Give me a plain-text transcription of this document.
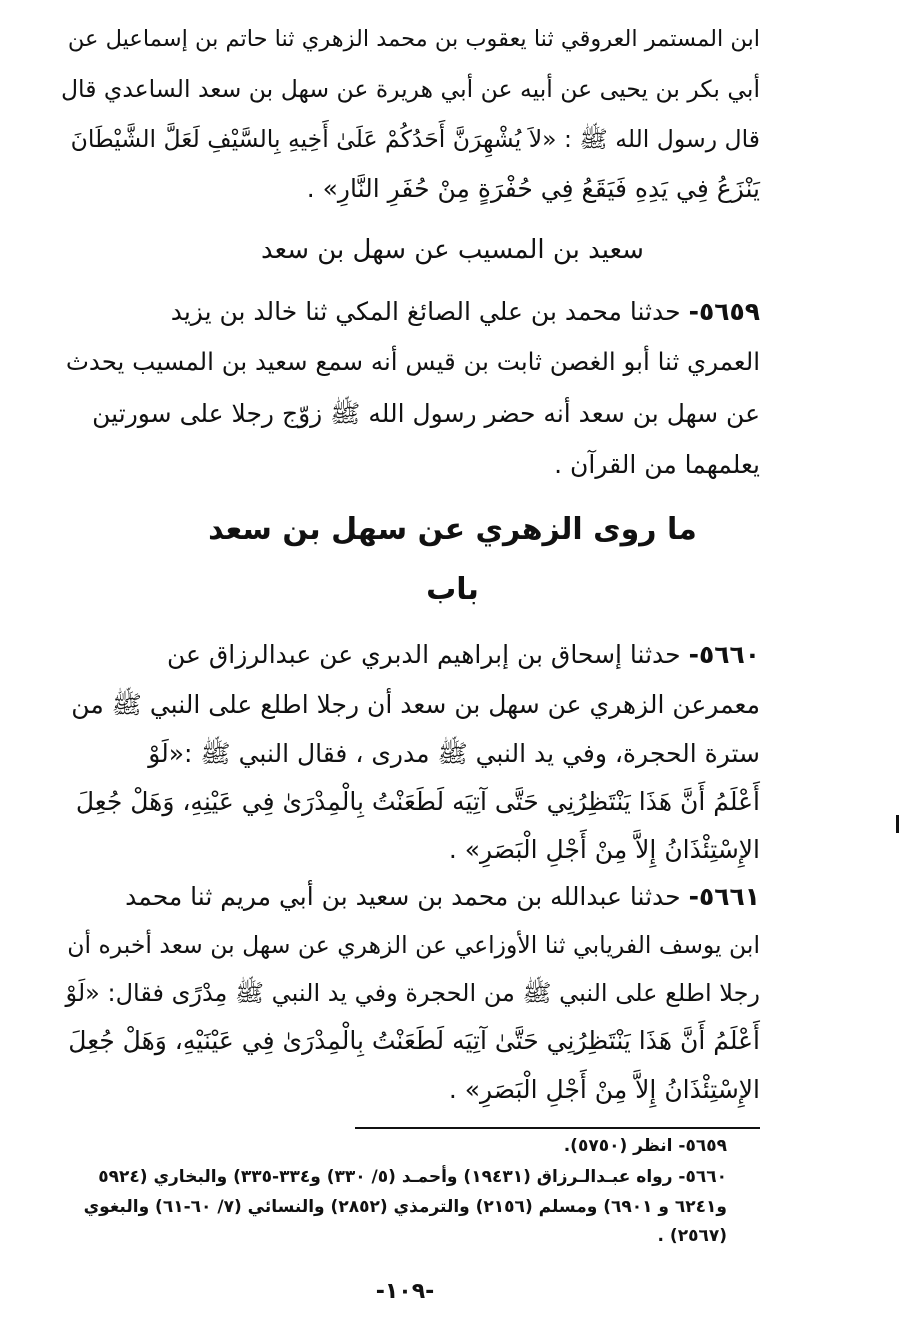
ابن المستمر العروقي ثنا يعقوب بن محمد الزهري ثنا حاتم بن إسماعيل عن
أبي بكر بن يحيى عن أبيه عن أبي هريرة عن سهل بن سعد الساعدي قال
قال رسول الله ﷺ : «لاَ يُشْهِرَنَّ أَحَدُكُمْ عَلَىٰ أَخِيهِ بِالسَّيْفِ لَعَلَّ الشَّيْطَانَ
يَنْزَعُ فِي يَدِهِ فَيَقَعُ فِي حُفْرَةٍ مِنْ حُفَرِ النَّارِ» .
سعيد بن المسيب عن سهل بن سعد
٥٦٥٩- حدثنا محمد بن علي الصائغ المكي ثنا خالد بن يزيد
العمري ثنا أبو الغصن ثابت بن قيس أنه سمع سعيد بن المسيب يحدث
عن سهل بن سعد أنه حضر رسول الله ﷺ زوّج رجلا على سورتين
يعلمهما من القرآن .
ما روى الزهري عن سهل بن سعد
باب
٥٦٦٠- حدثنا إسحاق بن إبراهيم الدبري عن عبدالرزاق عن
معمرعن الزهري عن سهل بن سعد أن رجلا اطلع على النبي ﷺ من
سترة الحجرة، وفي يد النبي ﷺ مدرى ، فقال النبي ﷺ :«لَوْ
أَعْلَمُ أَنَّ هَذَا يَنْتَظِرُنِي حَتَّى آتِيَه لَطَعَنْتُ بِالْمِدْرَىٰ فِي عَيْنِهِ، وَهَلْ جُعِلَ
الإِسْتِئْذَانُ إِلاَّ مِنْ أَجْلِ الْبَصَرِ» .
٥٦٦١- حدثنا عبدالله بن محمد بن سعيد بن أبي مريم ثنا محمد
ابن يوسف الفريابي ثنا الأوزاعي عن الزهري عن سهل بن سعد أخبره أن
رجلا اطلع على النبي ﷺ من الحجرة وفي يد النبي ﷺ مِدْرًى فقال: «لَوْ
أَعْلَمُ أَنَّ هَذَا يَنْتَظِرُنِي حَتَّىٰ آتِيَه لَطَعَنْتُ بِالْمِدْرَىٰ فِي عَيْنَيْهِ، وَهَلْ جُعِلَ
الإِسْتِئْذَانُ إِلاَّ مِنْ أَجْلِ الْبَصَرِ» .
٥٦٥٩- انظر (٥٧٥٠).
٥٦٦٠- رواه عبـدالـرزاق (١٩٤٣١) وأحمـد (٥/ ٣٣٠) و٣٣٤-٣٣٥) والبخاري (٥٩٢٤
و٦٢٤١ و ٦٩٠١) ومسلم (٢١٥٦) والترمذي (٢٨٥٢) والنسائي (٧/ ٦٠-٦١) والبغوي
(٢٥٦٧) .
-١٠٩-
